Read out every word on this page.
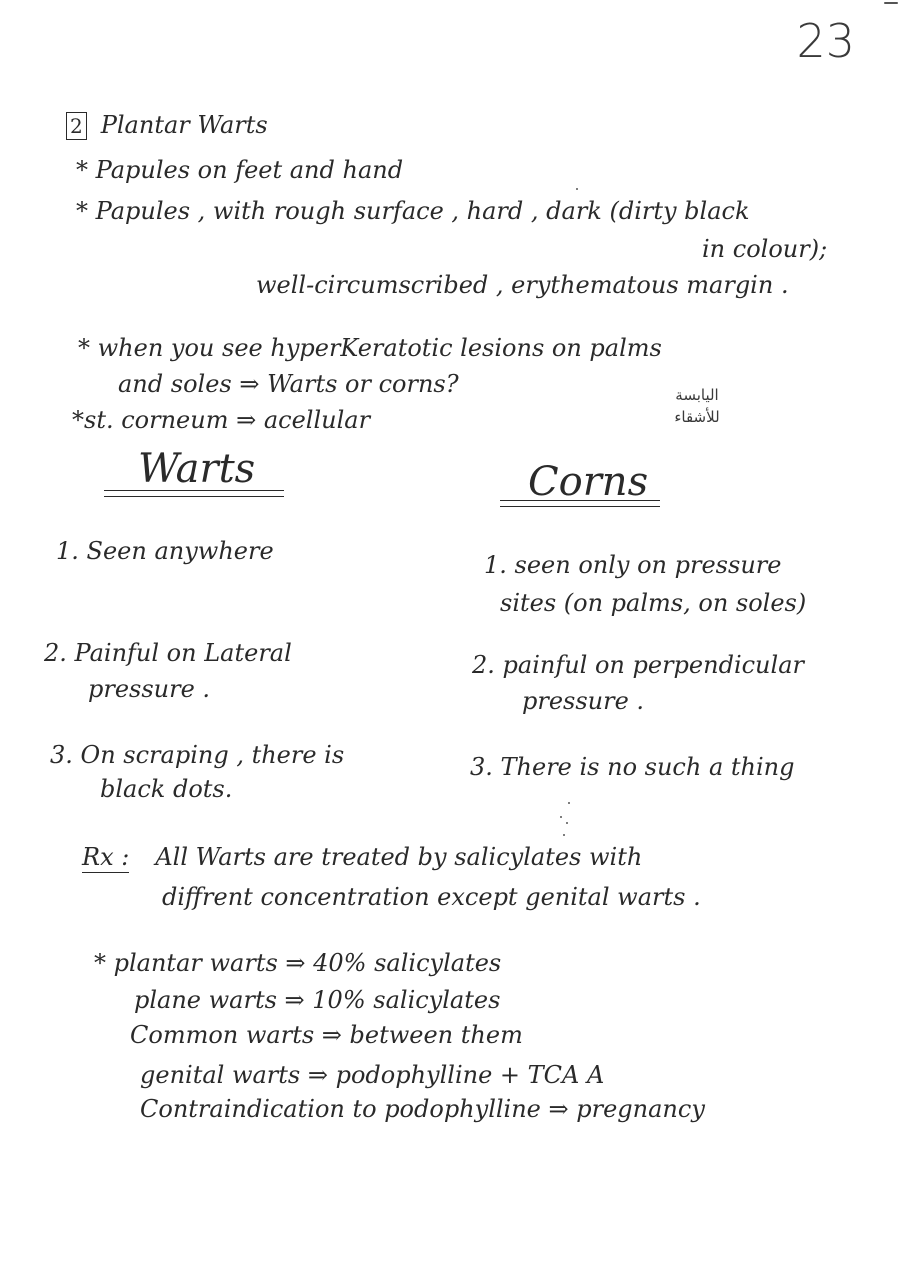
23
2 Plantar Warts
* Papules on feet and hand
* Papules , with rough surface , hard , dark (dirty black
in colour);
well-circumscribed , erythematous margin .
* when you see hyperKeratotic lesions on palms
and soles ⇒ Warts or corns?
*st. corneum ⇒ acellular
اليابسة
للأشقاء
Warts	Corns
1. Seen anywhere
2. Painful on Lateral
pressure .
3. On scraping , there is
black dots.
1. seen only on pressure
sites (on palms, on soles)
2. painful on perpendicular
pressure .
3. There is no such a thing
Rx : All Warts are treated by salicylates with
diffrent concentration except genital warts .
* plantar warts ⇒ 40% salicylates
plane warts ⇒ 10% salicylates
Common warts ⇒ between them
genital warts ⇒ podophylline + TCA A
Contraindication to podophylline ⇒ pregnancy
